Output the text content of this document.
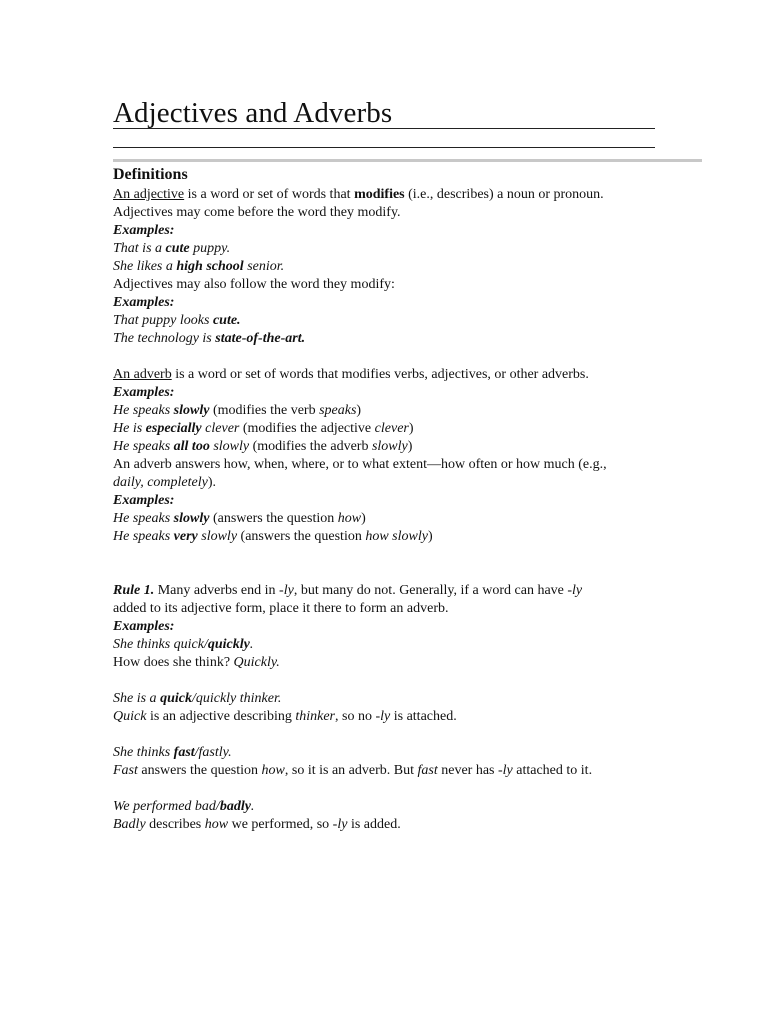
Adjectives and Adverbs

Definitions

An adjective is a word or set of words that modifies (i.e., describes) a noun or pronoun.

Adjectives may come before the word they modify.

Examples:

That is a cute puppy.

She likes a high school senior.

Adjectives may also follow the word they modify:

Examples:

That puppy looks cute.

The technology is state-of-the-art.

An adverb is a word or set of words that modifies verbs, adjectives, or other adverbs.

Examples:

He speaks slowly (modifies the verb speaks)

He is especially clever (modifies the adjective clever)

He speaks all too slowly (modifies the adverb slowly)

An adverb answers how, when, where, or to what extent—how often or how much (e.g.,

daily, completely).

Examples:

He speaks slowly (answers the question how)

He speaks very slowly (answers the question how slowly)

Rule 1. Many adverbs end in -ly, but many do not. Generally, if a word can have -ly

added to its adjective form, place it there to form an adverb.

Examples:

She thinks quick/quickly.

How does she think? Quickly.

She is a quick/quickly thinker.

Quick is an adjective describing thinker, so no -ly is attached.

She thinks fast/fastly.

Fast answers the question how, so it is an adverb. But fast never has -ly attached to it.

We performed bad/badly.

Badly describes how we performed, so -ly is added.
